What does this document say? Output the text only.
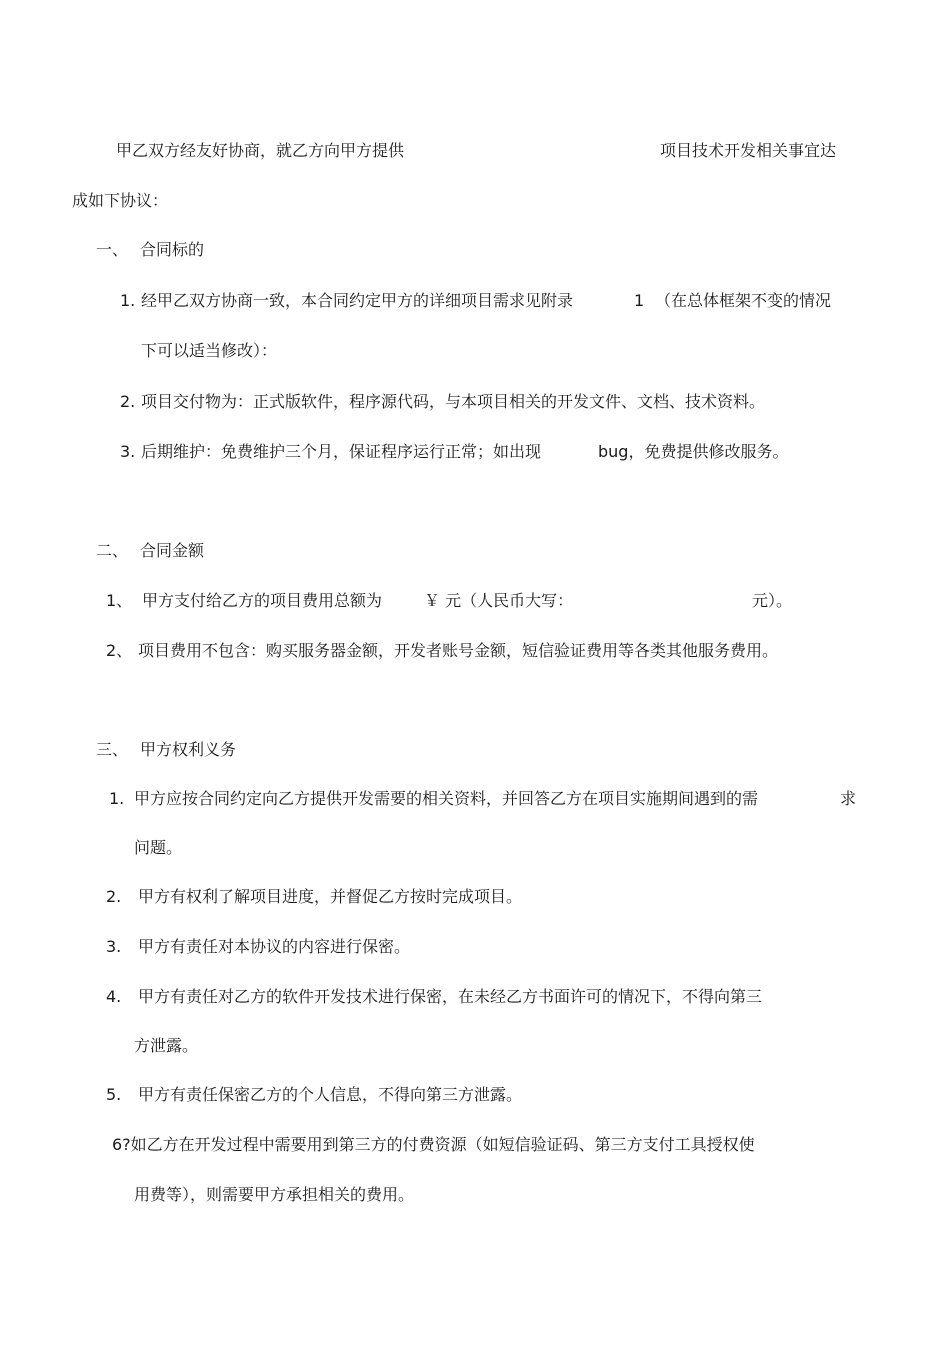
甲乙双方经友好协商，就乙方向甲方提供	项目技术开发相关事宜达
成如下协议：
一、 合同标的
1. 经甲乙双方协商一致，本合同约定甲方的详细项目需求见附录	1 （在总体框架不变的情况
下可以适当修改）：
2. 项目交付物为：正式版软件，程序源代码，与本项目相关的开发文件、文档、技术资料。
3. 后期维护：免费维护三个月，保证程序运行正常；如出现	bug，免费提供修改服务。
二、 合同金额
1、 甲方支付给乙方的项目费用总额为	￥ 元（人民币大写：	元）。
2、 项目费用不包含：购买服务器金额，开发者账号金额，短信验证费用等各类其他服务费用。
三、 甲方权利义务
1. 甲方应按合同约定向乙方提供开发需要的相关资料，并回答乙方在项目实施期间遇到的需	求
问题。
2. 甲方有权利了解项目进度，并督促乙方按时完成项目。
3. 甲方有责任对本协议的内容进行保密。
4. 甲方有责任对乙方的软件开发技术进行保密，在未经乙方书面许可的情况下，不得向第三
方泄露。
5. 甲方有责任保密乙方的个人信息，不得向第三方泄露。
6?如乙方在开发过程中需要用到第三方的付费资源（如短信验证码、第三方支付工具授权使
用费等），则需要甲方承担相关的费用。
